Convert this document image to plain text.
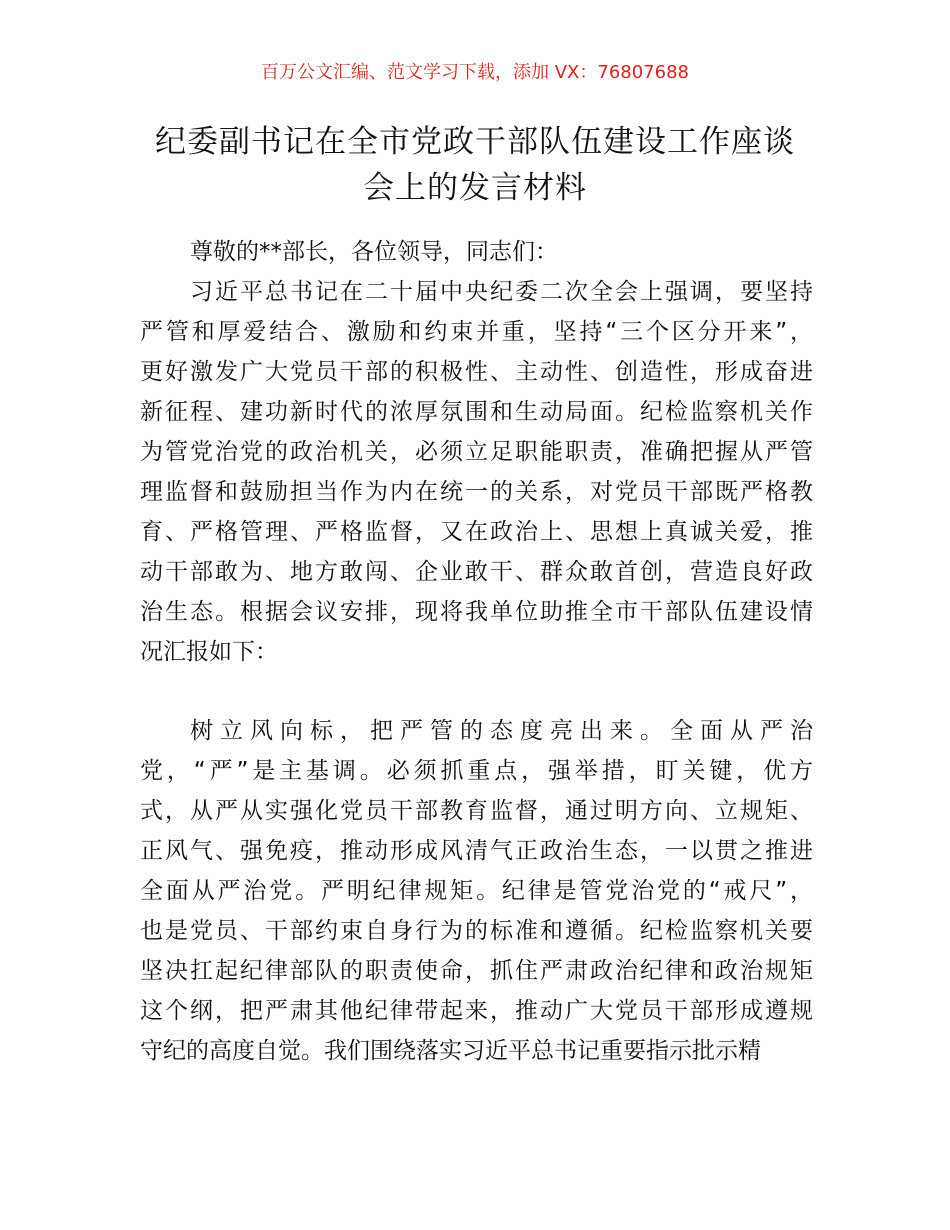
百万公文汇编、范文学习下载，添加 VX：76807688
纪委副书记在全市党政干部队伍建设工作座谈
会上的发言材料
尊敬的**部长，各位领导，同志们：
习近平总书记在二十届中央纪委二次全会上强调，要坚持
严管和厚爱结合、激励和约束并重，坚持“三个区分开来”，
更好激发广大党员干部的积极性、主动性、创造性，形成奋进
新征程、建功新时代的浓厚氛围和生动局面。纪检监察机关作
为管党治党的政治机关，必须立足职能职责，准确把握从严管
理监督和鼓励担当作为内在统一的关系，对党员干部既严格教
育、严格管理、严格监督，又在政治上、思想上真诚关爱，推
动干部敢为、地方敢闯、企业敢干、群众敢首创，营造良好政
治生态。根据会议安排，现将我单位助推全市干部队伍建设情
况汇报如下：
树立风向标，把严管的态度亮出来。全面从严治
党，“严”是主基调。必须抓重点，强举措，盯关键，优方
式，从严从实强化党员干部教育监督，通过明方向、立规矩、
正风气、强免疫，推动形成风清气正政治生态，一以贯之推进
全面从严治党。严明纪律规矩。纪律是管党治党的“戒尺”，
也是党员、干部约束自身行为的标准和遵循。纪检监察机关要
坚决扛起纪律部队的职责使命，抓住严肃政治纪律和政治规矩
这个纲，把严肃其他纪律带起来，推动广大党员干部形成遵规
守纪的高度自觉。我们围绕落实习近平总书记重要指示批示精
